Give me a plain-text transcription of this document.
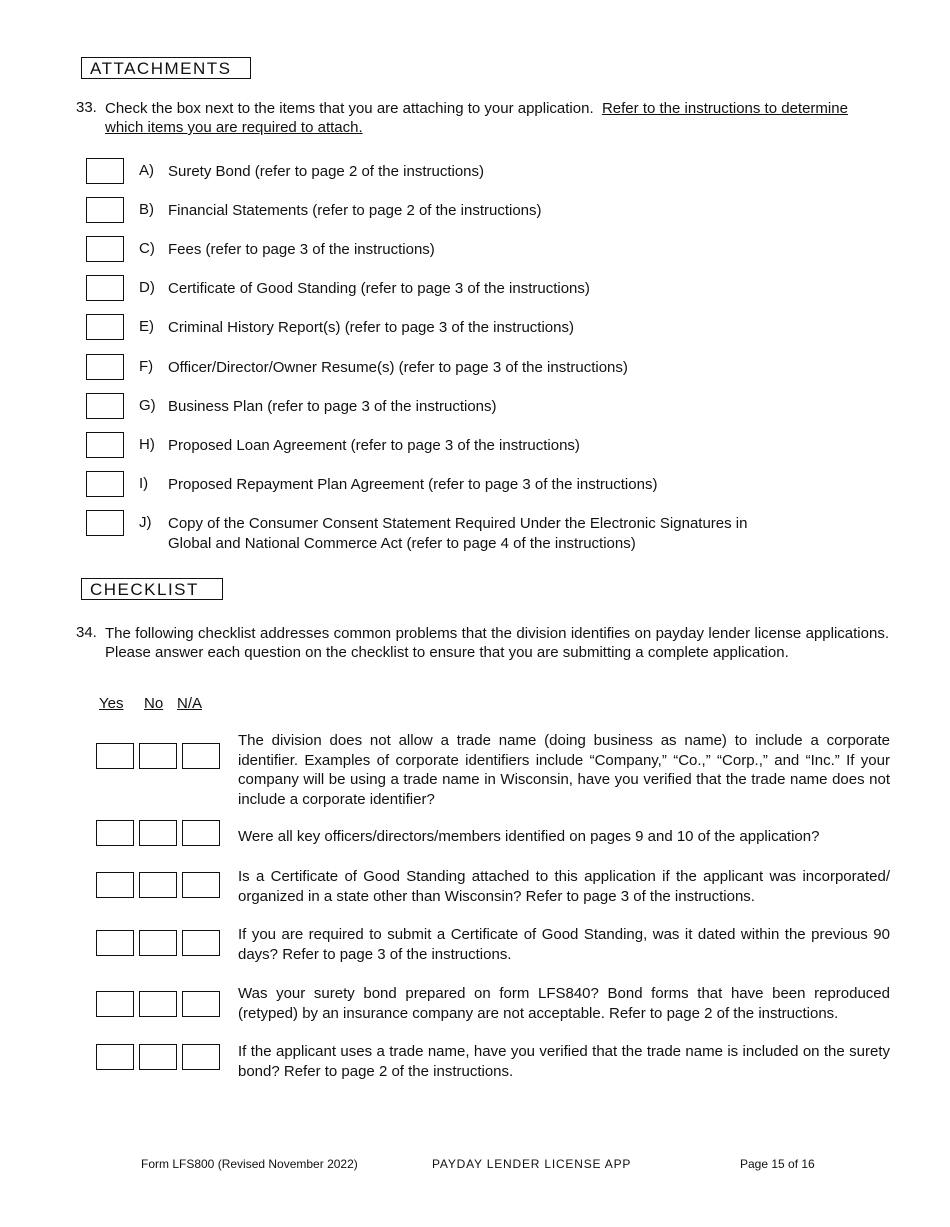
ATTACHMENTS
33. Check the box next to the items that you are attaching to your application. Refer to the instructions to determine
which items you are required to attach.
A) Surety Bond (refer to page 2 of the instructions)
B) Financial Statements (refer to page 2 of the instructions)
C) Fees (refer to page 3 of the instructions)
D) Certificate of Good Standing (refer to page 3 of the instructions)
E) Criminal History Report(s) (refer to page 3 of the instructions)
F) Officer/Director/Owner Resume(s) (refer to page 3 of the instructions)
G) Business Plan (refer to page 3 of the instructions)
H) Proposed Loan Agreement (refer to page 3 of the instructions)
I)	Proposed Repayment Plan Agreement (refer to page 3 of the instructions)
J)	Copy of the Consumer Consent Statement Required Under the Electronic Signatures in
Global and National Commerce Act (refer to page 4 of the instructions)
CHECKLIST
34. The following checklist addresses common problems that the division identifies on payday lender license applications. Please answer each question on the checklist to ensure that you are submitting a complete application.
Yes No N/A
The division does not allow a trade name (doing business as name) to include a corporate identifier. Examples of corporate identifiers include “Company,” “Co.,” “Corp.,” and “Inc.” If your company will be using a trade name in Wisconsin, have you verified that the trade name does not include a corporate identifier?
Were all key officers/directors/members identified on pages 9 and 10 of the application?
Is a Certificate of Good Standing attached to this application if the applicant was incorporated/ organized in a state other than Wisconsin? Refer to page 3 of the instructions.
If you are required to submit a Certificate of Good Standing, was it dated within the previous 90 days? Refer to page 3 of the instructions.
Was your surety bond prepared on form LFS840? Bond forms that have been reproduced (retyped) by an insurance company are not acceptable. Refer to page 2 of the instructions.
If the applicant uses a trade name, have you verified that the trade name is included on the surety bond? Refer to page 2 of the instructions.
Form LFS800 (Revised November 2022)	PAYDAY LENDER LICENSE APP	Page 15 of 16
